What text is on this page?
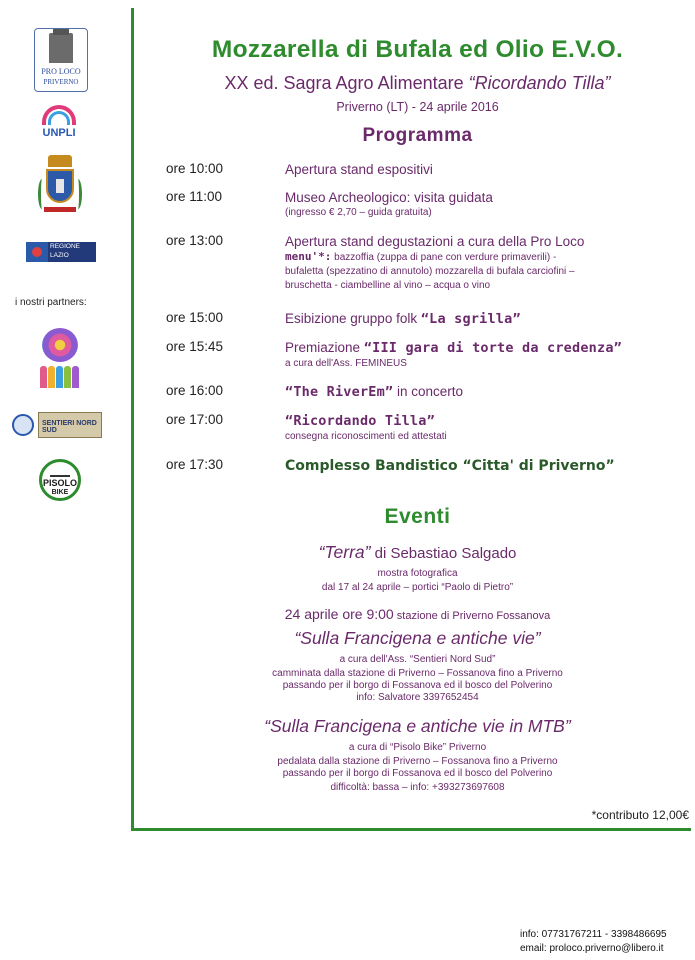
PRO LOCO
PRIVERNO
UNPLI
REGIONE
LAZIO
i nostri partners:
SENTIERI NORD SUD
PISOLO
BIKE
Mozzarella di Bufala ed Olio E.V.O.
XX ed. Sagra Agro Alimentare “Ricordando Tilla”
Priverno (LT) - 24 aprile 2016
Programma
ore 10:00	Apertura stand espositivi
ore 11:00	Museo Archeologico: visita guidata
(ingresso € 2,70 – guida gratuita)
ore 13:00	Apertura stand degustazioni a cura della Pro Loco
menu'*: bazzoffia (zuppa di pane con verdure primaverili) -
bufaletta (spezzatino di annutolo) mozzarella di bufala carciofini –
bruschetta - ciambelline al vino – acqua o vino
ore 15:00	Esibizione gruppo folk “La sgrilla”
ore 15:45	Premiazione “III gara di torte da credenza”
a cura dell'Ass. FEMINEUS
ore 16:00	“The RiverEm” in concerto
ore 17:00	“Ricordando Tilla”
consegna riconoscimenti ed attestati
ore 17:30	Complesso Bandistico “Citta' di Priverno”
Eventi
“Terra” di Sebastiao Salgado
mostra fotografica
dal 17 al 24 aprile – portici “Paolo di Pietro”
24 aprile ore 9:00 stazione di Priverno Fossanova
“Sulla Francigena e antiche vie”
a cura dell'Ass. “Sentieri Nord Sud”
camminata dalla stazione di Priverno – Fossanova fino a Priverno
passando per il borgo di Fossanova ed il bosco del Polverino
info: Salvatore 3397652454
“Sulla Francigena e antiche vie in MTB”
a cura di “Pisolo Bike” Priverno
pedalata dalla stazione di Priverno – Fossanova fino a Priverno
passando per il borgo di Fossanova ed il bosco del Polverino
difficoltà: bassa – info: +393273697608
*contributo 12,00€
info: 07731767211 - 3398486695
email: proloco.priverno@libero.it
